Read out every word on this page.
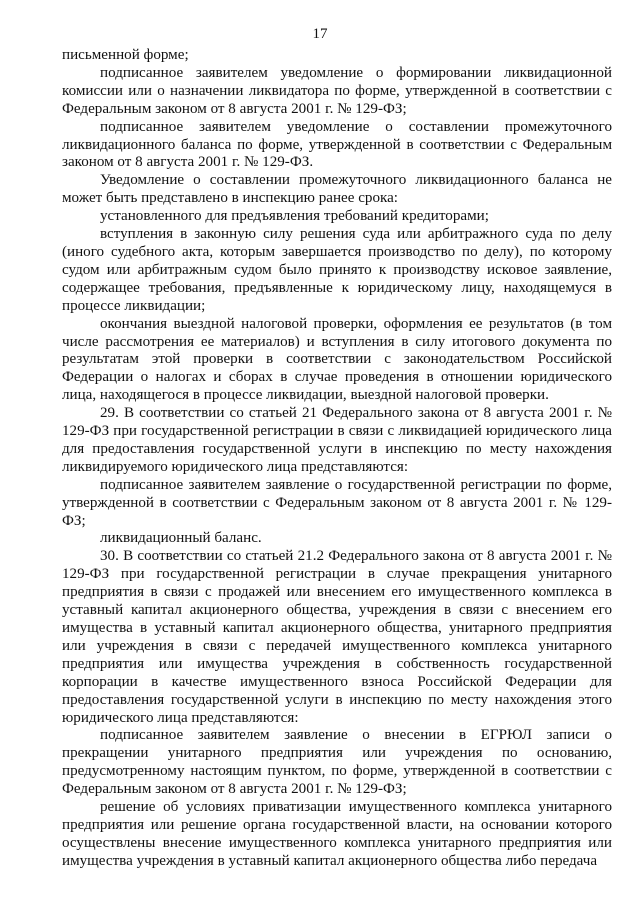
17

письменной форме;

подписанное заявителем уведомление о формировании ликвидационной комиссии или о назначении ликвидатора по форме, утвержденной в соответствии с Федеральным законом от 8 августа 2001 г. № 129-ФЗ;

подписанное заявителем уведомление о составлении промежуточного ликвидационного баланса по форме, утвержденной в соответствии с Федеральным законом от 8 августа 2001 г. № 129-ФЗ.

Уведомление о составлении промежуточного ликвидационного баланса не может быть представлено в инспекцию ранее срока:

установленного для предъявления требований кредиторами;

вступления в законную силу решения суда или арбитражного суда по делу (иного судебного акта, которым завершается производство по делу), по которому судом или арбитражным судом было принято к производству исковое заявление, содержащее требования, предъявленные к юридическому лицу, находящемуся в процессе ликвидации;

окончания выездной налоговой проверки, оформления ее результатов (в том числе рассмотрения ее материалов) и вступления в силу итогового документа по результатам этой проверки в соответствии с законодательством Российской Федерации о налогах и сборах в случае проведения в отношении юридического лица, находящегося в процессе ликвидации, выездной налоговой проверки.

29. В соответствии со статьей 21 Федерального закона от 8 августа 2001 г. № 129-ФЗ при государственной регистрации в связи с ликвидацией юридического лица для предоставления государственной услуги в инспекцию по месту нахождения ликвидируемого юридического лица представляются:

подписанное заявителем заявление о государственной регистрации по форме, утвержденной в соответствии с Федеральным законом от 8 августа 2001 г. № 129-ФЗ;

ликвидационный баланс.

30. В соответствии со статьей 21.2 Федерального закона от 8 августа 2001 г. № 129-ФЗ при государственной регистрации в случае прекращения унитарного предприятия в связи с продажей или внесением его имущественного комплекса в уставный капитал акционерного общества, учреждения в связи с внесением его имущества в уставный капитал акционерного общества, унитарного предприятия или учреждения в связи с передачей имущественного комплекса унитарного предприятия или имущества учреждения в собственность государственной корпорации в качестве имущественного взноса Российской Федерации для предоставления государственной услуги в инспекцию по месту нахождения этого юридического лица представляются:

подписанное заявителем заявление о внесении в ЕГРЮЛ записи о прекращении унитарного предприятия или учреждения по основанию, предусмотренному настоящим пунктом, по форме, утвержденной в соответствии с Федеральным законом от 8 августа 2001 г. № 129-ФЗ;

решение об условиях приватизации имущественного комплекса унитарного предприятия или решение органа государственной власти, на основании которого осуществлены внесение имущественного комплекса унитарного предприятия или имущества учреждения в уставный капитал акционерного общества либо передача
